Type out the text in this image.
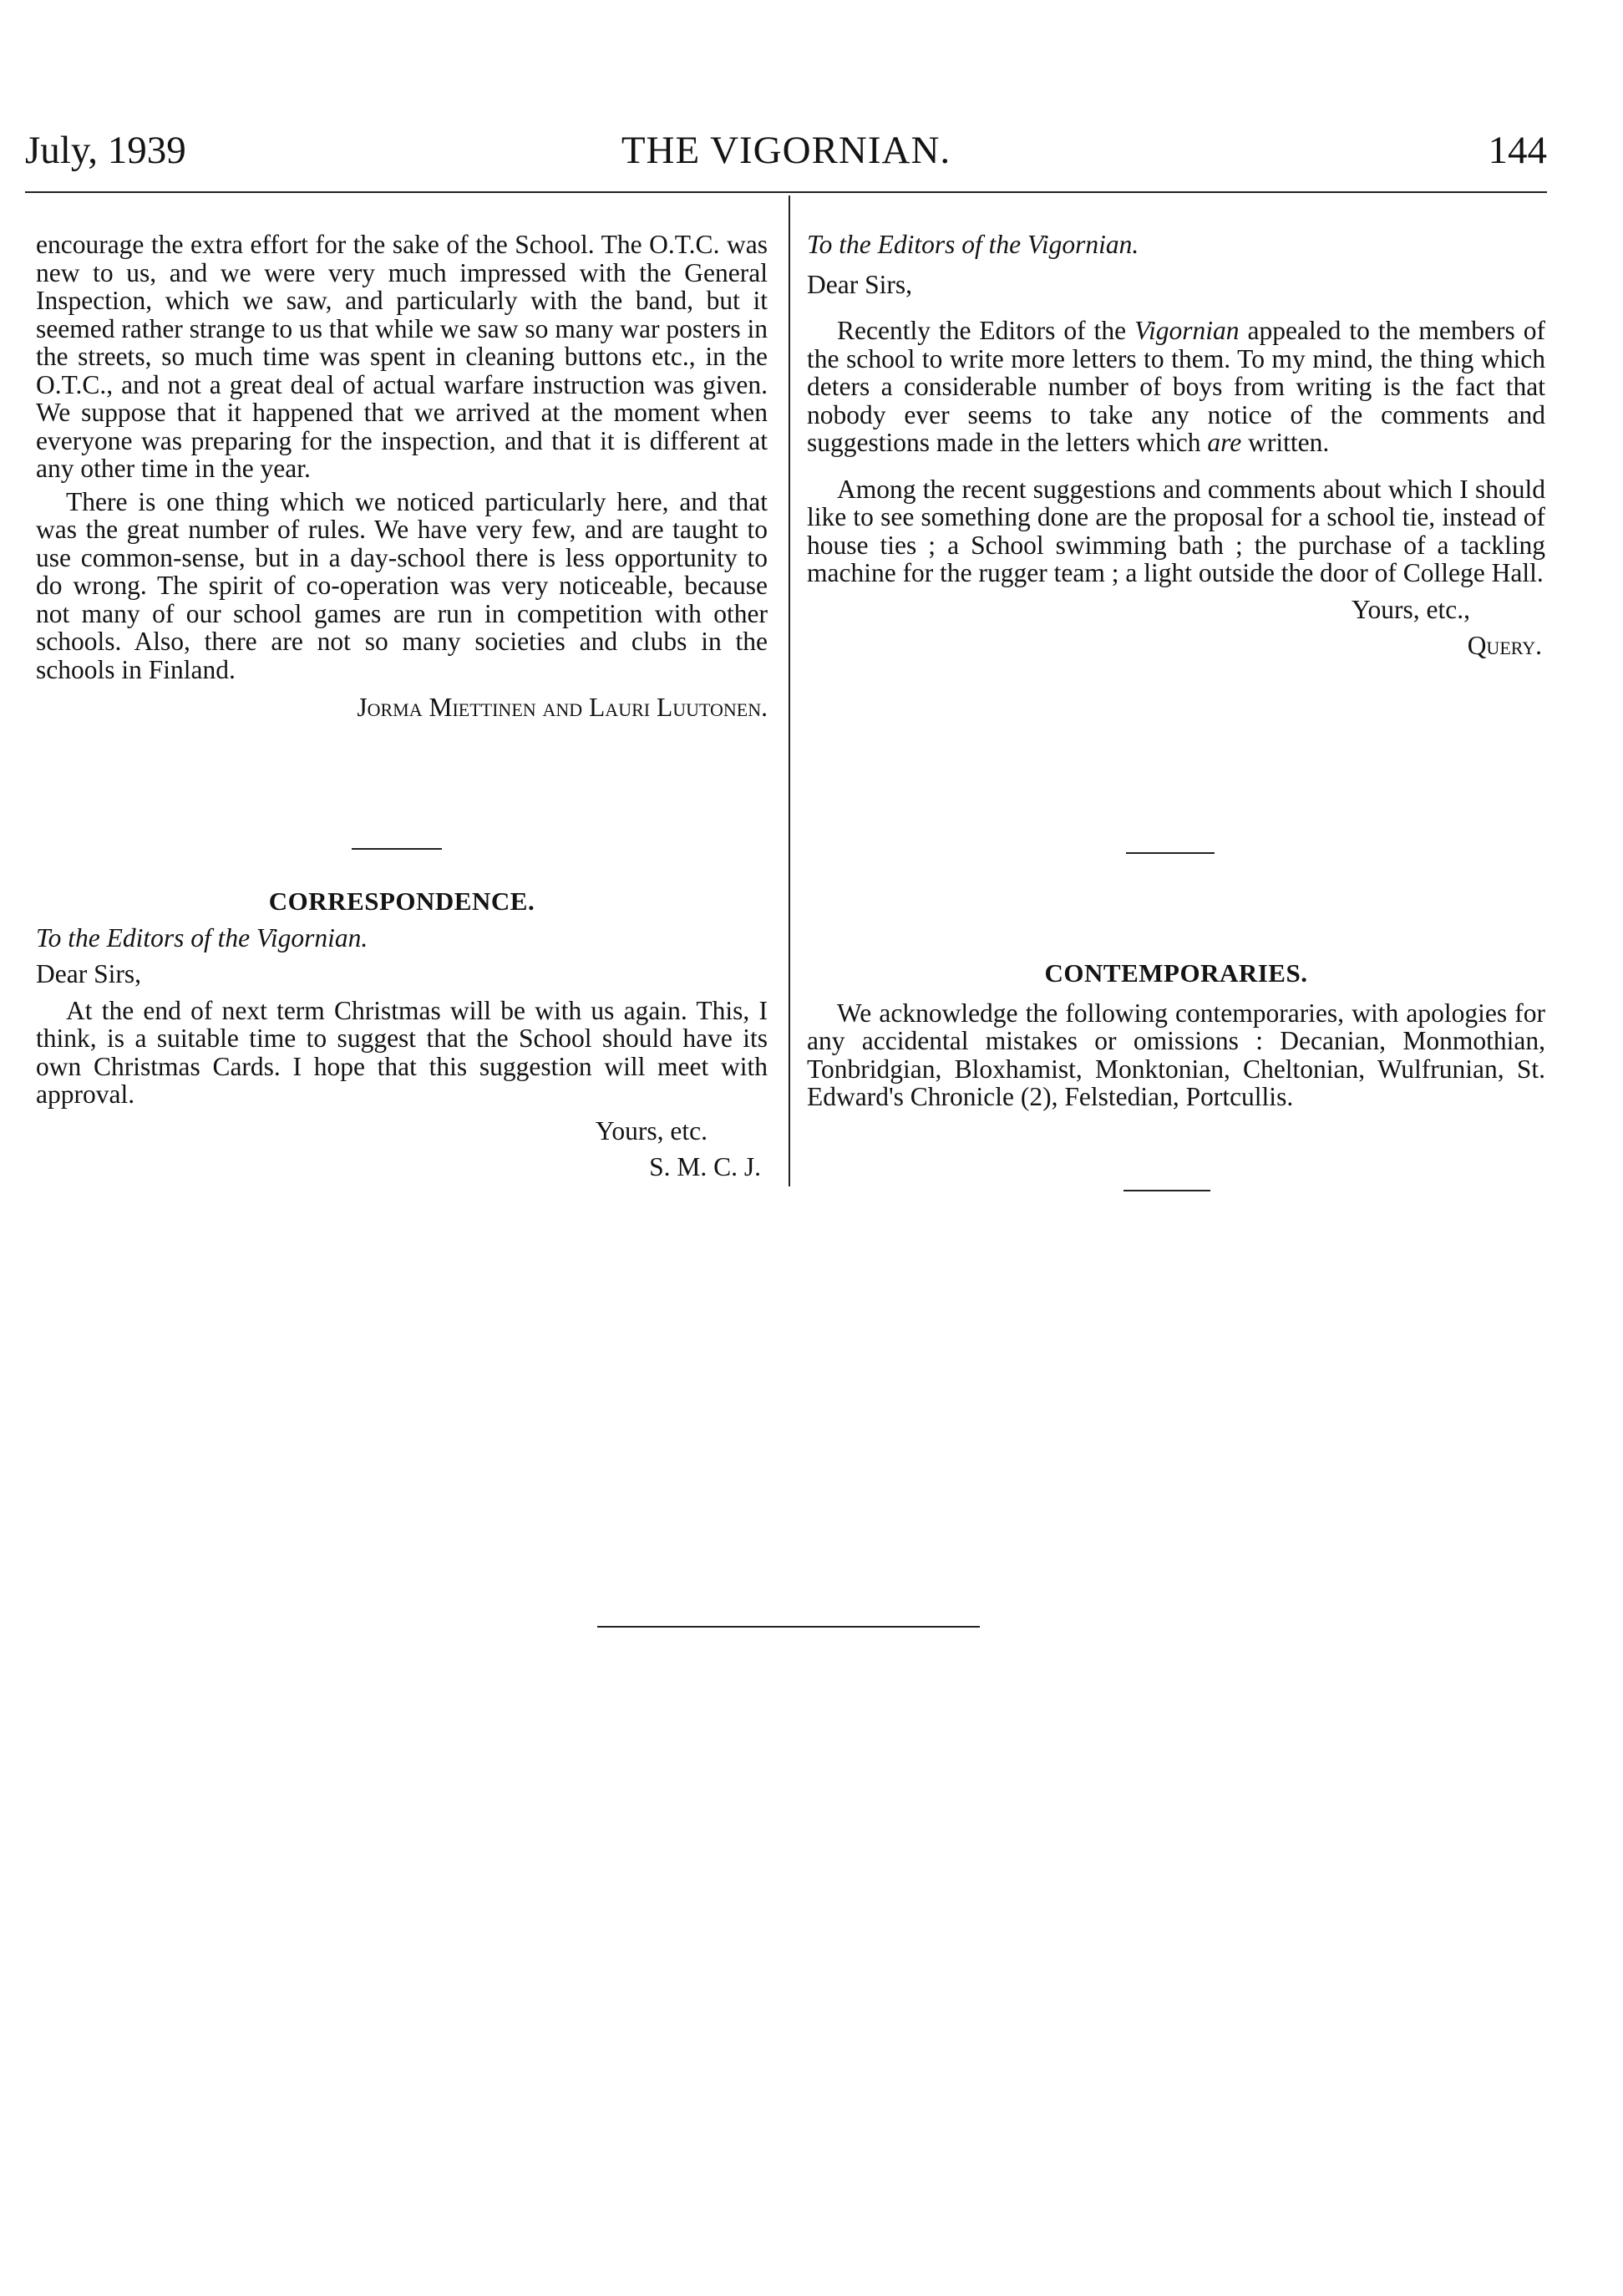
THE VIGORNIAN.
July, 1939	144

encourage the extra effort for the sake of the School. The O.T.C. was new to us, and we were very much impressed with the General Inspection, which we saw, and particularly with the band, but it seemed rather strange to us that while we saw so many war posters in the streets, so much time was spent in cleaning buttons etc., in the O.T.C., and not a great deal of actual warfare instruction was given. We suppose that it happened that we arrived at the moment when everyone was preparing for the inspection, and that it is different at any other time in the year.

There is one thing which we noticed particularly here, and that was the great number of rules. We have very few, and are taught to use common-sense, but in a day-school there is less opportunity to do wrong. The spirit of co-operation was very noticeable, because not many of our school games are run in competition with other schools. Also, there are not so many societies and clubs in the schools in Finland.

Jorma Miettinen and Lauri Luutonen.

CORRESPONDENCE.

To the Editors of the Vigornian.

Dear Sirs,

At the end of next term Christmas will be with us again. This, I think, is a suitable time to suggest that the School should have its own Christmas Cards. I hope that this suggestion will meet with approval.

Yours, etc.

S. M. C. J.

To the Editors of the Vigornian.

Dear Sirs,

Recently the Editors of the Vigornian appealed to the members of the school to write more letters to them. To my mind, the thing which deters a considerable number of boys from writing is the fact that nobody ever seems to take any notice of the comments and suggestions made in the letters which are written.

Among the recent suggestions and comments about which I should like to see something done are the proposal for a school tie, instead of house ties ; a School swimming bath ; the purchase of a tackling machine for the rugger team ; a light outside the door of College Hall.

Yours, etc.,

Query.

CONTEMPORARIES.

We acknowledge the following contemporaries, with apologies for any accidental mistakes or omissions : Decanian, Monmothian, Tonbridgian, Bloxhamist, Monktonian, Cheltonian, Wulfrunian, St. Edward's Chronicle (2), Felstedian, Portcullis.
